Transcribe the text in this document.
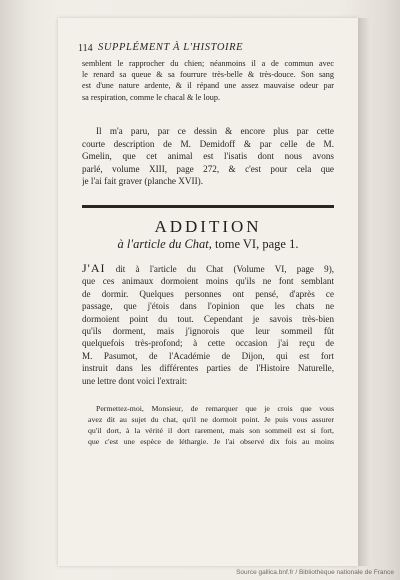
114 SUPPLÉMENT À L'HISTOIRE
semblent le rapprocher du chien; néanmoins il a de commun avec
le renard sa queue & sa fourrure très-belle & très-douce. Son sang
est d'une nature ardente, & il répand une assez mauvaise odeur par
sa respiration, comme le chacal & le loup.
Il m'a paru, par ce dessin & encore plus par cette
courte description de M. Demidoff & par celle de M.
Gmelin, que cet animal est l'isatis dont nous avons
parlé, volume XIII, page 272, & c'est pour cela que
je l'ai fait graver (planche XVII).
ADDITION
à l'article du Chat, tome VI, page 1.
J'AI dit à l'article du Chat (Volume VI, page 9),
que ces animaux dormoient moins qu'ils ne font semblant
de dormir. Quelques personnes ont pensé, d'après ce
passage, que j'étois dans l'opinion que les chats ne
dormoient point du tout. Cependant je savois très-bien
qu'ils dorment, mais j'ignorois que leur sommeil fût
quelquefois très-profond; à cette occasion j'ai reçu de
M. Pasumot, de l'Académie de Dijon, qui est fort
instruit dans les différentes parties de l'Histoire Naturelle,
une lettre dont voici l'extrait:
Permettez-moi, Monsieur, de remarquer que je crois que vous
avez dit au sujet du chat, qu'il ne dormoit point. Je puis vous assurer
qu'il dort, à la vérité il dort rarement, mais son sommeil est si fort,
que c'est une espèce de léthargie. Je l'ai observé dix fois au moins
Source gallica.bnf.fr / Bibliothèque nationale de France
